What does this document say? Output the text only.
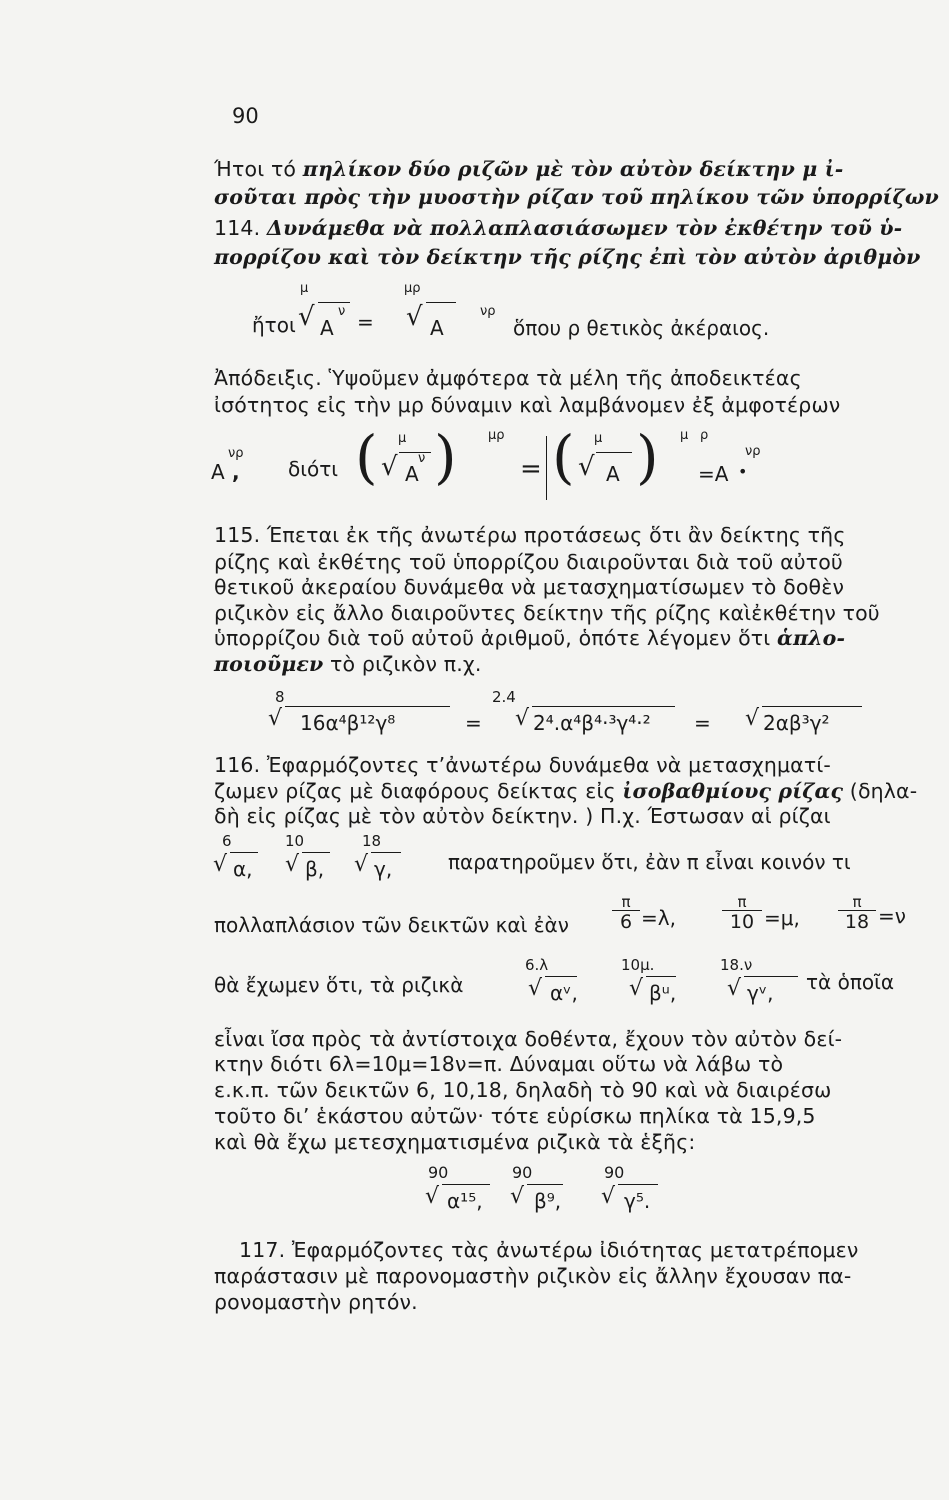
90
Ήτοι τό πηλίκον δύο ριζῶν μὲ τὸν αὐτὸν δείκτην μ ἰ-
σοῦται πρὸς τὴν μυοστὴν ρίζαν τοῦ πηλίκου τῶν ὑπορρίζων
114. Δυνάμεθα νὰ πολλαπλασιάσωμεν τὸν ἐκθέτην τοῦ ὑ-
πορρίζου καὶ τὸν δείκτην τῆς ρίζης ἐπὶ τὸν αὐτὸν ἀριθμὸν
ἤτοι
μ
√ A
ν =
μρ
√ A
νρ
ὅπου ρ θετικὸς ἀκέραιος.
Ἀπόδειξις. Ὑψοῦμεν ἀμφότερα τὰ μέλη τῆς ἀποδεικτέας
ἰσότητος εἰς τὴν μρ δύναμιν καὶ λαμβάνομεν ἐξ ἀμφοτέρων
A
νρ
, διότι ( μ
√ A
ν ) μρ
= ( μ
√ A ) μ ρ
=A
νρ
•
115. Έπεται ἐκ τῆς ἀνωτέρω προτάσεως ὅτι ἂν δείκτης τῆς
ρίζης καὶ ἐκθέτης τοῦ ὑπορρίζου διαιροῦνται διὰ τοῦ αὐτοῦ
θετικοῦ ἀκεραίου δυνάμεθα νὰ μετασχηματίσωμεν τὸ δοθὲν
ριζικὸν εἰς ἄλλο διαιροῦντες δείκτην τῆς ρίζης καὶἐκθέτην τοῦ
ὑπορρίζου διὰ τοῦ αὐτοῦ ἀριθμοῦ, ὁπότε λέγομεν ὅτι ἁπλο-
ποιοῦμεν τὸ ριζικὸν π.χ.
8
√ 16α⁴β¹²γ⁸	=
2.4
√ 2⁴.α⁴β⁴·³γ⁴·² = √ 2αβ³γ²
116. Ἐφαρμόζοντες τ’ἀνωτέρω δυνάμεθα νὰ μετασχηματί-
ζωμεν ρίζας μὲ διαφόρους δείκτας εἰς ἰσοβαθμίους ρίζας (δηλα-
δὴ εἰς ρίζας μὲ τὸν αὐτὸν δείκτην. ) Π.χ. Έστωσαν αἱ ρίζαι
6
√ α,
10
√ β,
18
√ γ,	παρατηροῦμεν ὅτι, ἐὰν π εἶναι κοινόν τι
πολλαπλάσιον τῶν δεικτῶν καὶ ἐὰν
π
6 =λ,
π
10 =μ,
π
18 =ν
θὰ ἔχωμεν ὅτι, τὰ ριζικὰ
6.λ
√ αᵛ,
10μ.
√ βᵘ,
18.ν
√ γᵛ, τὰ ὁποῖα
εἶναι ἴσα πρὸς τὰ ἀντίστοιχα δοθέντα, ἔχουν τὸν αὐτὸν δεί-
κτην διότι 6λ=10μ=18ν=π. Δύναμαι οὕτω νὰ λάβω τὸ
ε.κ.π. τῶν δεικτῶν 6, 10,18, δηλαδὴ τὸ 90 καὶ νὰ διαιρέσω
τοῦτο δι’ ἑκάστου αὐτῶν· τότε εὑρίσκω πηλίκα τὰ 15,9,5
καὶ θὰ ἔχω μετεσχηματισμένα ριζικὰ τὰ ἑξῆς:
90
√ α¹⁵,
90
√ β⁹,
90
√ γ⁵.
117. Ἐφαρμόζοντες τὰς ἀνωτέρω ἰδιότητας μετατρέπομεν
παράστασιν μὲ παρονομαστὴν ριζικὸν εἰς ἄλλην ἔχουσαν πα-
ρονομαστὴν ρητόν.
